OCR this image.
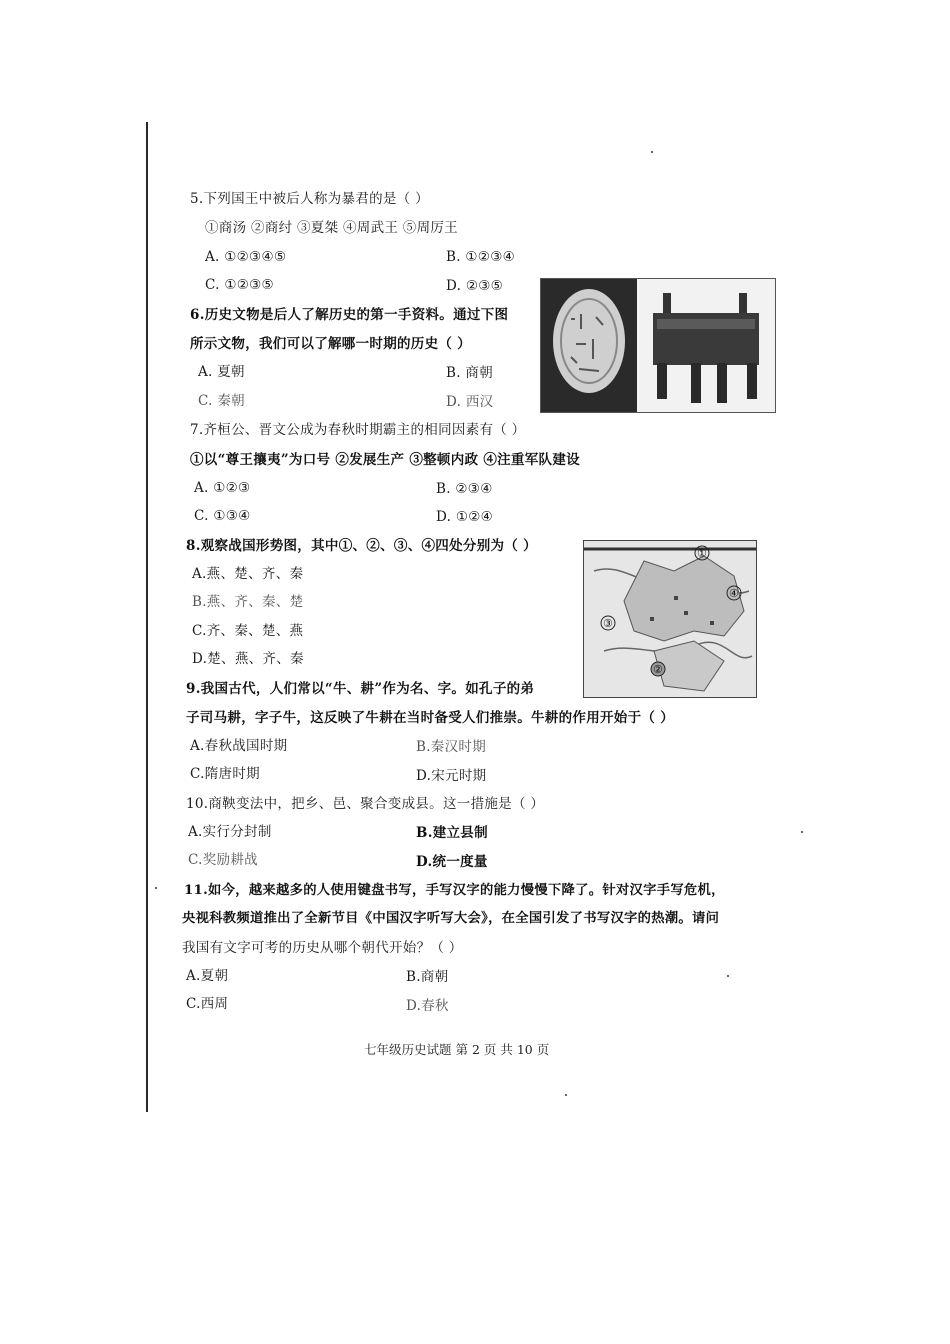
5.下列国王中被后人称为暴君的是（ ）
①商汤 ②商纣 ③夏桀 ④周武王 ⑤周厉王
A. ①②③④⑤	B. ①②③④
C. ①②③⑤	D. ②③⑤
6.历史文物是后人了解历史的第一手资料。通过下图
所示文物，我们可以了解哪一时期的历史（ ）
A. 夏朝	B. 商朝
C. 秦朝	D. 西汉
7.齐桓公、晋文公成为春秋时期霸主的相同因素有（ ）
①以“尊王攘夷”为口号 ②发展生产 ③整顿内政 ④注重军队建设
A. ①②③	B. ②③④
C. ①③④	D. ①②④
8.观察战国形势图，其中①、②、③、④四处分别为（ ）
A.燕、楚、齐、秦
B.燕、齐、秦、楚
C.齐、秦、楚、燕
D.楚、燕、齐、秦
①
④
③
②
9.我国古代，人们常以“牛、耕”作为名、字。如孔子的弟
子司马耕，字子牛，这反映了牛耕在当时备受人们推崇。牛耕的作用开始于（ ）
A.春秋战国时期	B.秦汉时期
C.隋唐时期	D.宋元时期
10.商鞅变法中，把乡、邑、聚合变成县。这一措施是（ ）
A.实行分封制	B.建立县制
C.奖励耕战	D.统一度量
11.如今，越来越多的人使用键盘书写，手写汉字的能力慢慢下降了。针对汉字手写危机，
央视科教频道推出了全新节目《中国汉字听写大会》，在全国引发了书写汉字的热潮。请问
我国有文字可考的历史从哪个朝代开始？（ ）
A.夏朝	B.商朝
C.西周	D.春秋
七年级历史试题 第 2 页 共 10 页
